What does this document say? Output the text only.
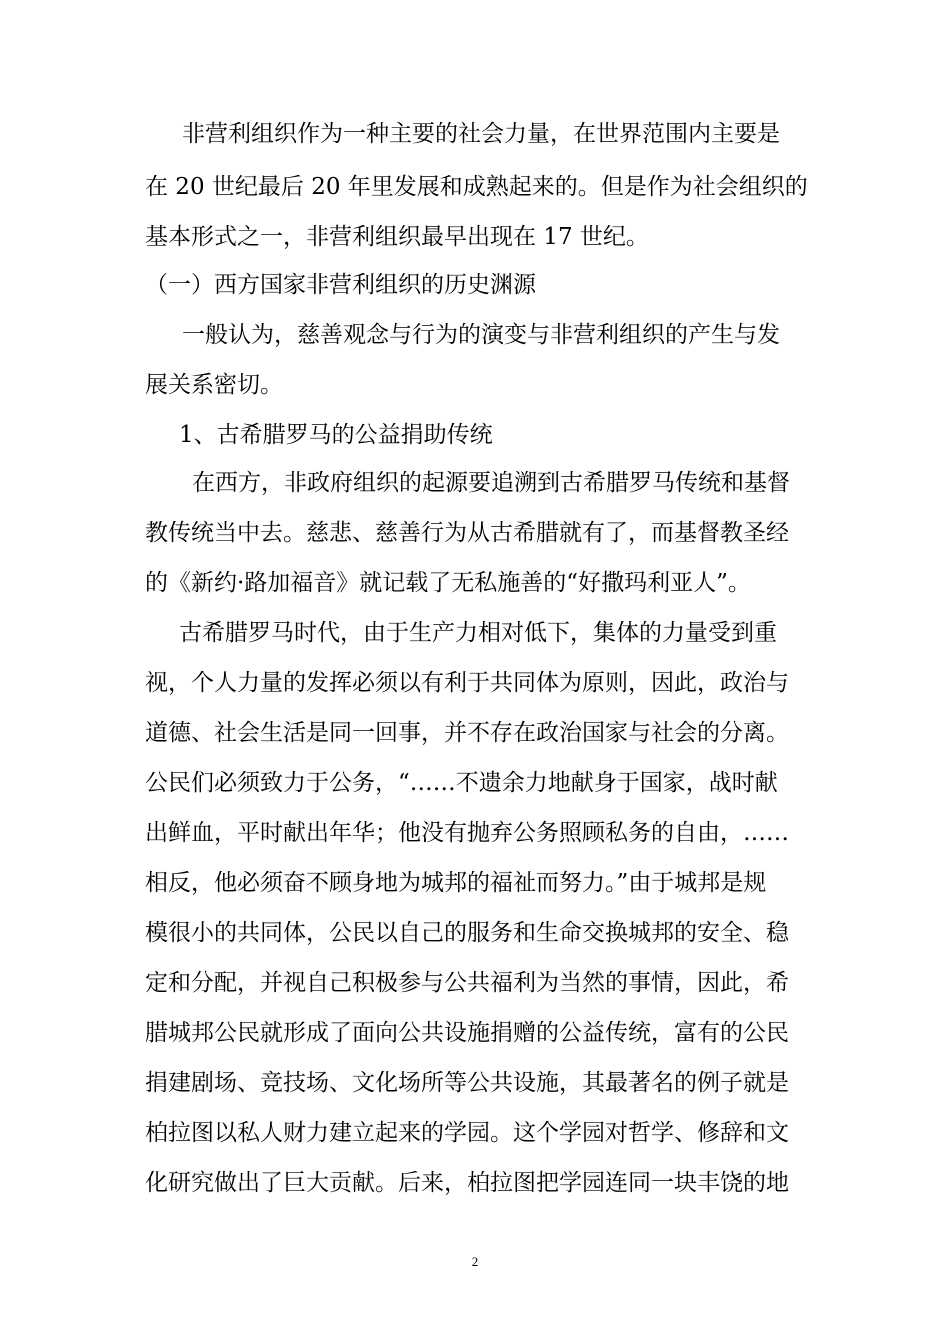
非营利组织作为一种主要的社会力量，在世界范围内主要是
在 20 世纪最后 20 年里发展和成熟起来的。但是作为社会组织的
基本形式之一，非营利组织最早出现在 17 世纪。
（一）西方国家非营利组织的历史渊源
一般认为，慈善观念与行为的演变与非营利组织的产生与发
展关系密切。
1、古希腊罗马的公益捐助传统
在西方，非政府组织的起源要追溯到古希腊罗马传统和基督
教传统当中去。慈悲、慈善行为从古希腊就有了，而基督教圣经
的《新约·路加福音》就记载了无私施善的“好撒玛利亚人”。
古希腊罗马时代，由于生产力相对低下，集体的力量受到重
视，个人力量的发挥必须以有利于共同体为原则，因此，政治与
道德、社会生活是同一回事，并不存在政治国家与社会的分离。
公民们必须致力于公务，“……不遗余力地献身于国家，战时献
出鲜血，平时献出年华；他没有抛弃公务照顾私务的自由，……
相反，他必须奋不顾身地为城邦的福祉而努力。”由于城邦是规
模很小的共同体，公民以自己的服务和生命交换城邦的安全、稳
定和分配，并视自己积极参与公共福利为当然的事情，因此，希
腊城邦公民就形成了面向公共设施捐赠的公益传统，富有的公民
捐建剧场、竞技场、文化场所等公共设施，其最著名的例子就是
柏拉图以私人财力建立起来的学园。这个学园对哲学、修辞和文
化研究做出了巨大贡献。后来，柏拉图把学园连同一块丰饶的地
2
